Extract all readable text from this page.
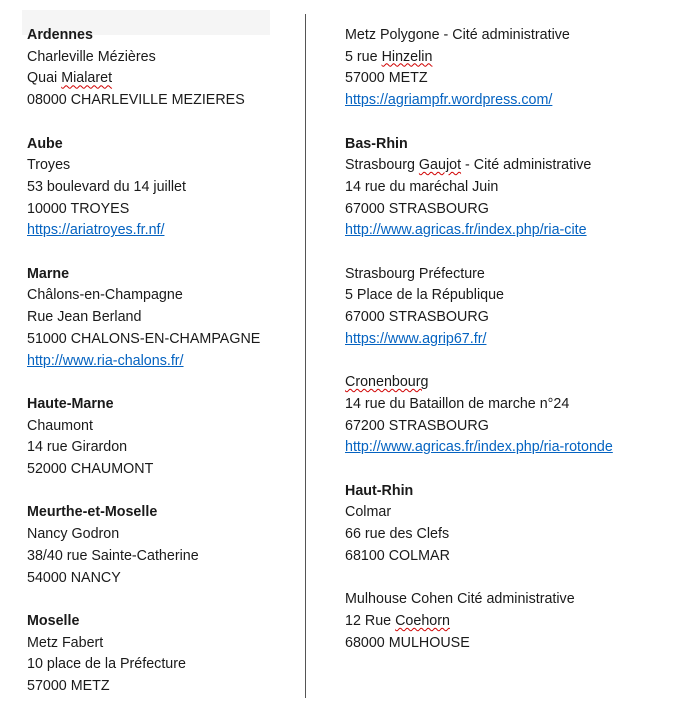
Ardennes
Charleville Mézières
Quai Mialaret
08000 CHARLEVILLE MEZIERES
Aube
Troyes
53 boulevard du 14 juillet
10000 TROYES
https://ariatroyes.fr.nf/
Marne
Châlons-en-Champagne
Rue Jean Berland
51000 CHALONS-EN-CHAMPAGNE
http://www.ria-chalons.fr/
Haute-Marne
Chaumont
14 rue Girardon
52000 CHAUMONT
Meurthe-et-Moselle
Nancy Godron
38/40 rue Sainte-Catherine
54000 NANCY
Moselle
Metz Fabert
10 place de la Préfecture
57000 METZ
Metz Polygone - Cité administrative
5 rue Hinzelin
57000 METZ
https://agriampfr.wordpress.com/
Bas-Rhin
Strasbourg Gaujot - Cité administrative
14 rue du maréchal Juin
67000 STRASBOURG
http://www.agricas.fr/index.php/ria-cite
Strasbourg Préfecture
5 Place de la République
67000 STRASBOURG
https://www.agrip67.fr/
Cronenbourg
14 rue du Bataillon de marche n°24
67200 STRASBOURG
http://www.agricas.fr/index.php/ria-rotonde
Haut-Rhin
Colmar
66 rue des Clefs
68100 COLMAR
Mulhouse Cohen Cité administrative
12 Rue Coehorn
68000 MULHOUSE
